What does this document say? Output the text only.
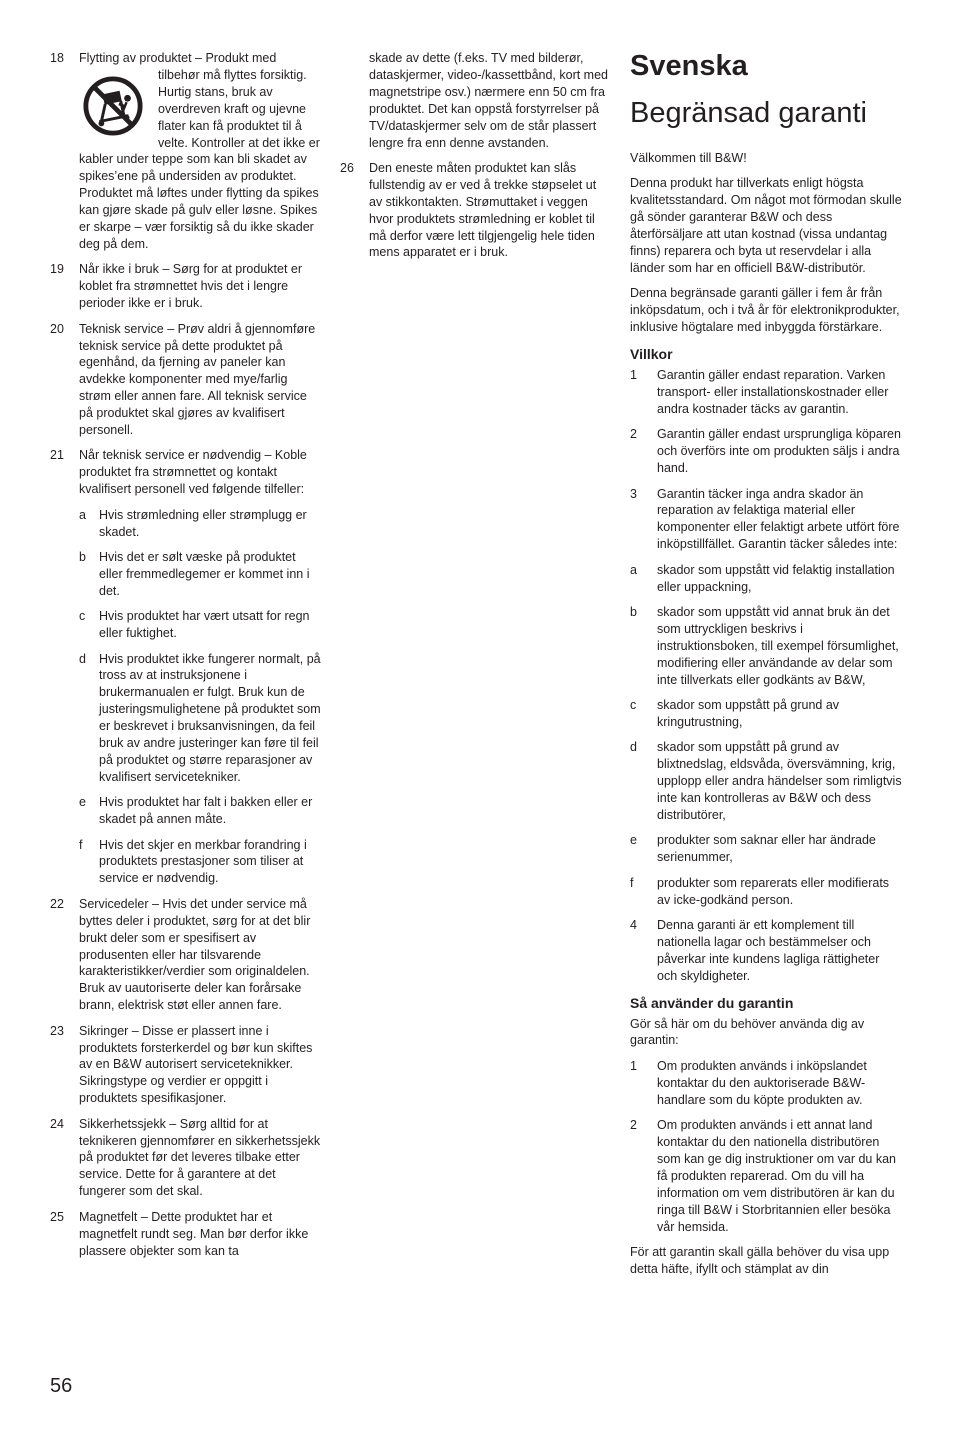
18 Flytting av produktet – Produkt med
tilbehør må flyttes forsiktig. Hurtig stans, bruk av overdreven kraft og ujevne flater kan få produktet til å velte. Kontroller at det ikke er kabler under teppe som kan bli skadet av spikes’ene på undersiden av produktet. Produktet må løftes under flytting da spikes kan gjøre skade på gulv eller løsne. Spikes er skarpe – vær forsiktig så du ikke skader deg på dem.
19 Når ikke i bruk – Sørg for at produktet er koblet fra strømnettet hvis det i lengre perioder ikke er i bruk.
20 Teknisk service – Prøv aldri å gjennomføre teknisk service på dette produktet på egenhånd, da fjerning av paneler kan avdekke komponenter med mye/farlig strøm eller annen fare. All teknisk service på produktet skal gjøres av kvalifisert personell.
21 Når teknisk service er nødvendig – Koble produktet fra strømnettet og kontakt kvalifisert personell ved følgende tilfeller:
a Hvis strømledning eller strømplugg er skadet.
b Hvis det er sølt væske på produktet eller fremmedlegemer er kommet inn i det.
c Hvis produktet har vært utsatt for regn eller fuktighet.
d Hvis produktet ikke fungerer normalt, på tross av at instruksjonene i brukermanualen er fulgt. Bruk kun de justeringsmulighetene på produktet som er beskrevet i bruksanvisningen, da feil bruk av andre justeringer kan føre til feil på produktet og større reparasjoner av kvalifisert servicetekniker.
e Hvis produktet har falt i bakken eller er skadet på annen måte.
f Hvis det skjer en merkbar forandring i produktets prestasjoner som tiliser at service er nødvendig.
22 Servicedeler – Hvis det under service må byttes deler i produktet, sørg for at det blir brukt deler som er spesifisert av produsenten eller har tilsvarende karakteristikker/verdier som originaldelen. Bruk av uautoriserte deler kan forårsake brann, elektrisk støt eller annen fare.
23 Sikringer – Disse er plassert inne i produktets forsterkerdel og bør kun skiftes av en B&W autorisert serviceteknikker. Sikringstype og verdier er oppgitt i produktets spesifikasjoner.
24 Sikkerhetssjekk – Sørg alltid for at teknikeren gjennomfører en sikkerhetssjekk på produktet før det leveres tilbake etter service. Dette for å garantere at det fungerer som det skal.
25 Magnetfelt – Dette produktet har et magnetfelt rundt seg. Man bør derfor ikke plassere objekter som kan ta
skade av dette (f.eks. TV med bilderør, dataskjermer, video-/kassettbånd, kort med magnetstripe osv.) nærmere enn 50 cm fra produktet. Det kan oppstå forstyrrelser på TV/dataskjermer selv om de står plassert lengre fra enn denne avstanden.
26 Den eneste måten produktet kan slås fullstendig av er ved å trekke støpselet ut av stikkontakten. Strømuttaket i veggen hvor produktets strømledning er koblet til må derfor være lett tilgjengelig hele tiden mens apparatet er i bruk.
Svenska
Begränsad garanti

Välkommen till B&W!

Denna produkt har tillverkats enligt högsta kvalitetsstandard. Om något mot förmodan skulle gå sönder garanterar B&W och dess återförsäljare att utan kostnad (vissa undantag finns) reparera och byta ut reservdelar i alla länder som har en officiell B&W-distributör.

Denna begränsade garanti gäller i fem år från inköpsdatum, och i två år för elektronikprodukter, inklusive högtalare med inbyggda förstärkare.

Villkor
1 Garantin gäller endast reparation. Varken transport- eller installationskostnader eller andra kostnader täcks av garantin.
2 Garantin gäller endast ursprungliga köparen och överförs inte om produkten säljs i andra hand.
3 Garantin täcker inga andra skador än reparation av felaktiga material eller komponenter eller felaktigt arbete utfört före inköpstillfället. Garantin täcker således inte:
a skador som uppstått vid felaktig installation eller uppackning,
b skador som uppstått vid annat bruk än det som uttryckligen beskrivs i instruktionsboken, till exempel försumlighet, modifiering eller användande av delar som inte tillverkats eller godkänts av B&W,
c skador som uppstått på grund av kringutrustning,
d skador som uppstått på grund av blixtnedslag, eldsvåda, översvämning, krig, upplopp eller andra händelser som rimligtvis inte kan kontrolleras av B&W och dess distributörer,
e produkter som saknar eller har ändrade serienummer,
f produkter som reparerats eller modifierats av icke-godkänd person.
4 Denna garanti är ett komplement till nationella lagar och bestämmelser och påverkar inte kundens lagliga rättigheter och skyldigheter.
Så använder du garantin

Gör så här om du behöver använda dig av garantin:

1 Om produkten används i inköpslandet kontaktar du den auktoriserade B&W-handlare som du köpte produkten av.
2 Om produkten används i ett annat land kontaktar du den nationella distributören som kan ge dig instruktioner om var du kan få produkten reparerad. Om du vill ha information om vem distributören är kan du ringa till B&W i Storbritannien eller besöka vår hemsida.

För att garantin skall gälla behöver du visa upp detta häfte, ifyllt och stämplat av din

56
